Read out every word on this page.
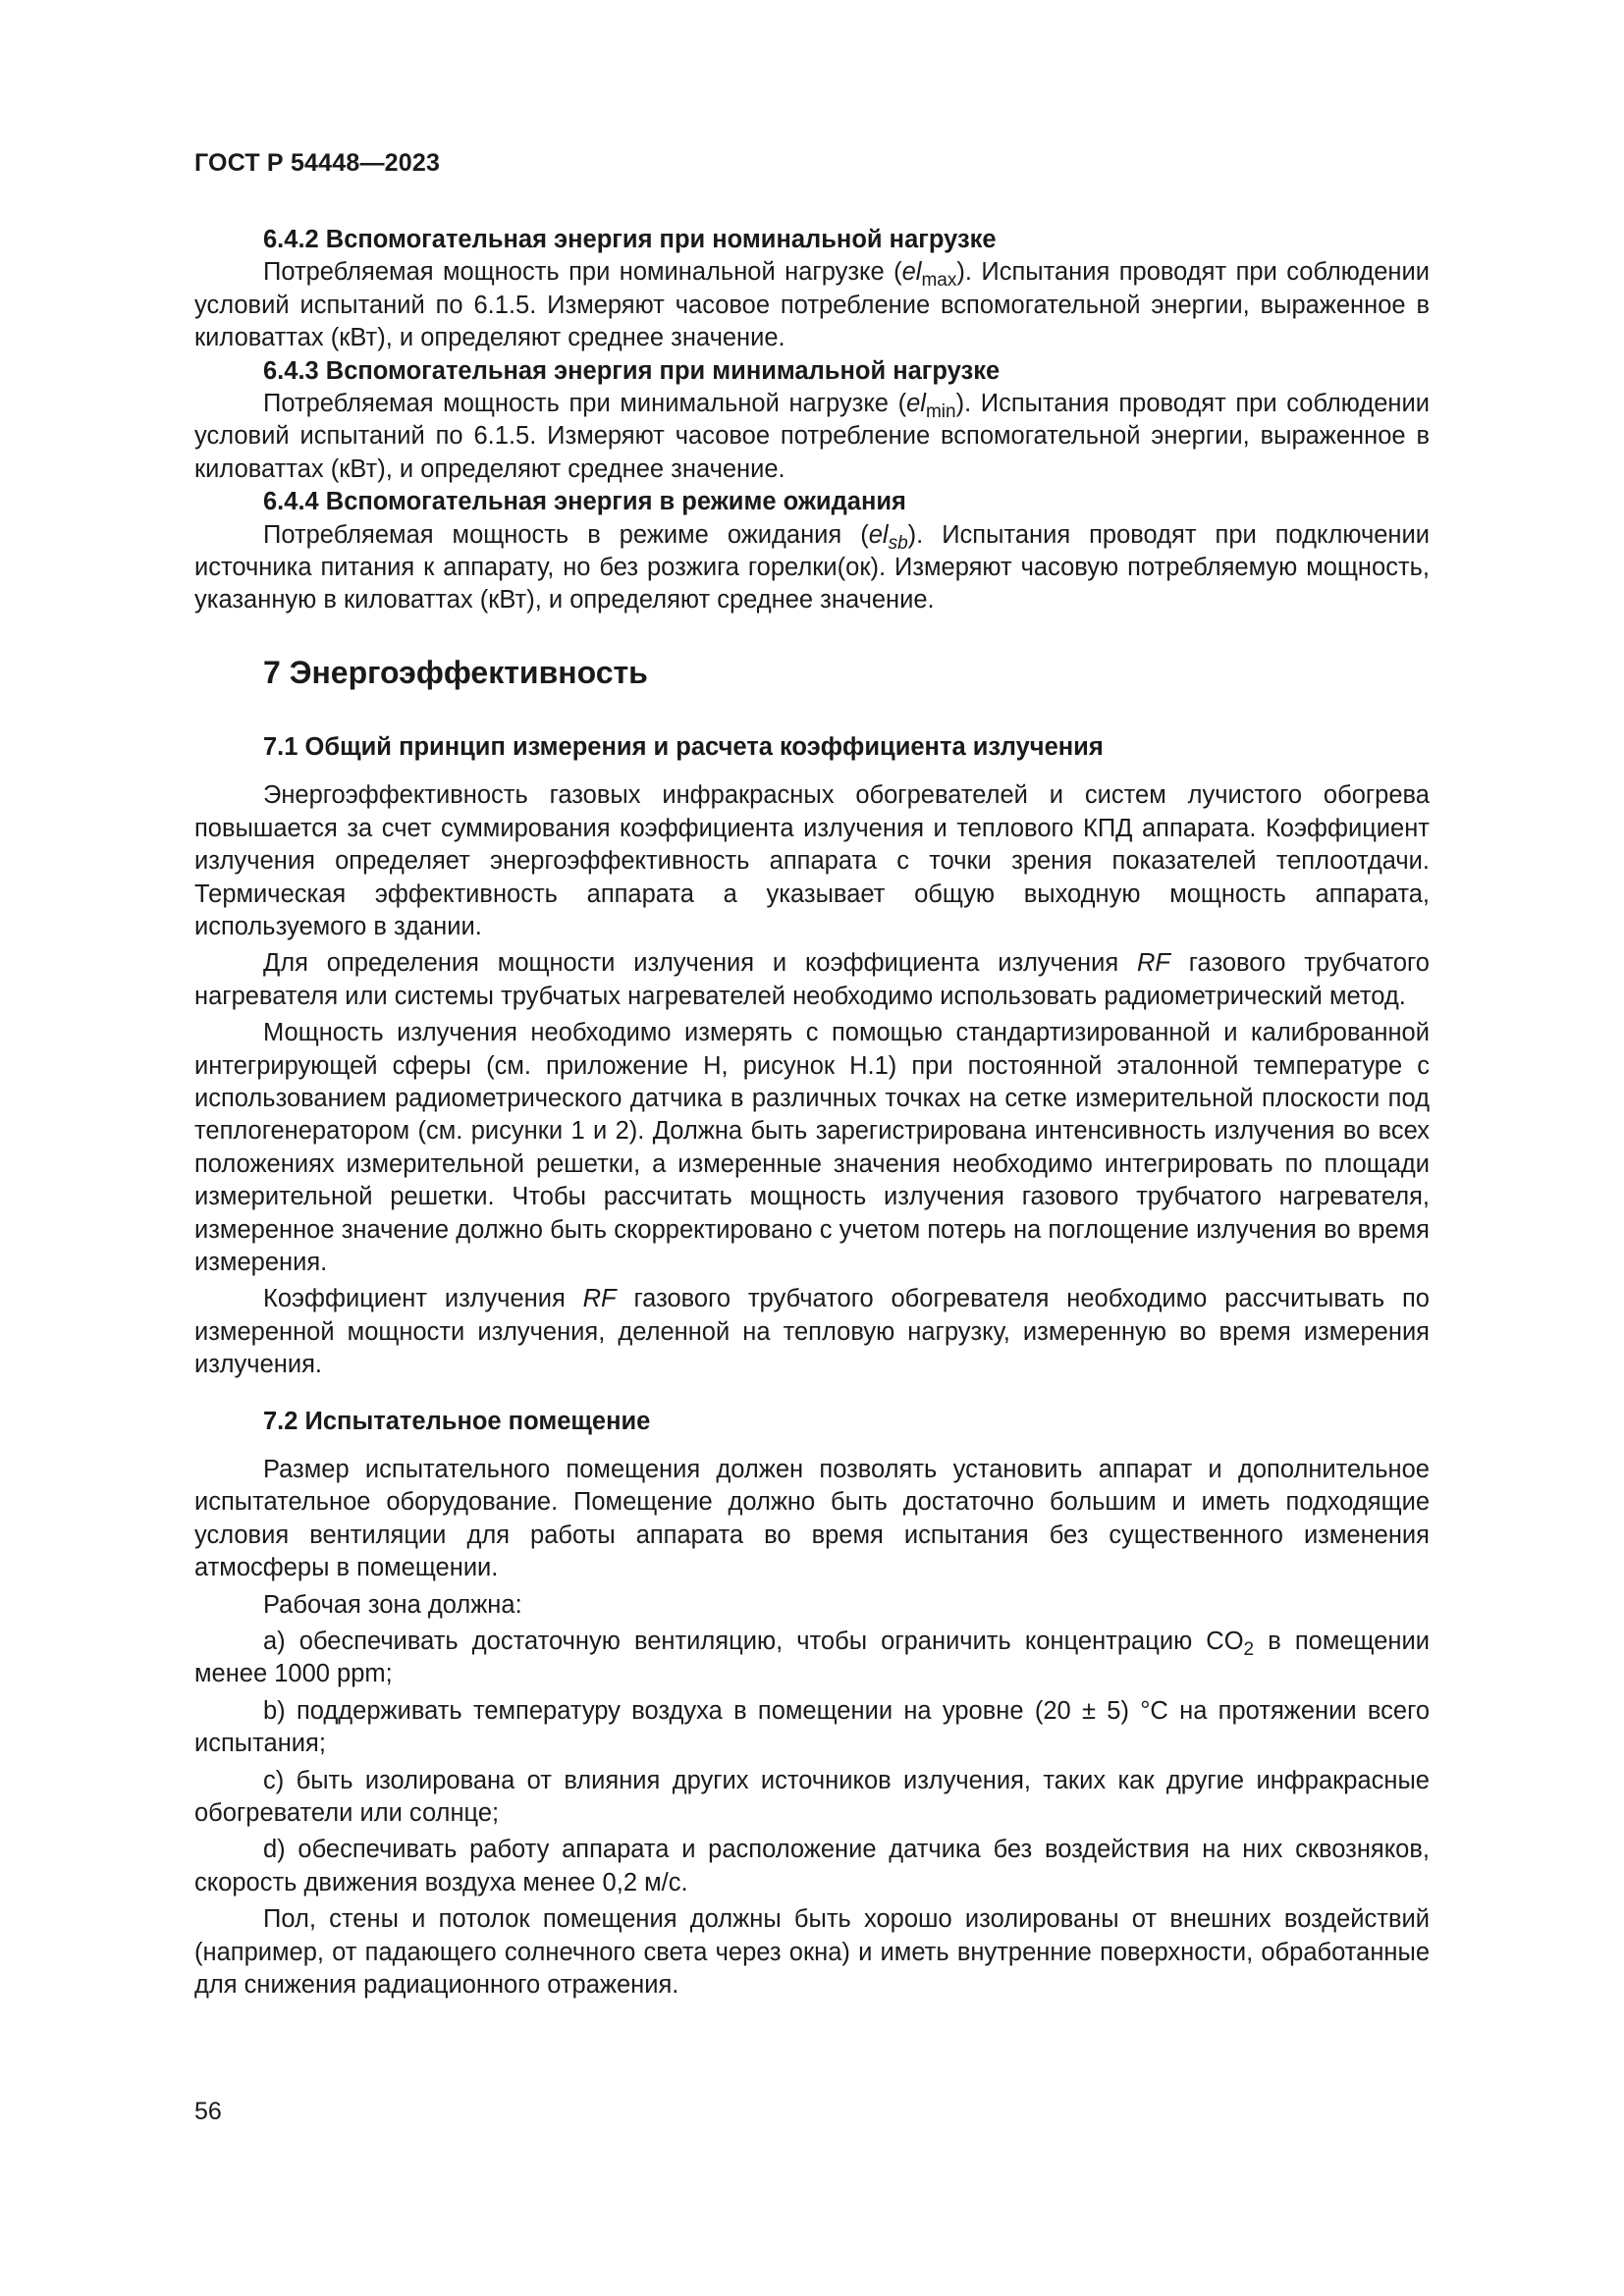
ГОСТ Р 54448—2023

6.4.2 Вспомогательная энергия при номинальной нагрузке

Потребляемая мощность при номинальной нагрузке $(el_{max})$. Испытания проводят при соблюдении условий испытаний по 6.1.5. Измеряют часовое потребление вспомогательной энергии, выраженное в киловаттах (кВт), и определяют среднее значение.

6.4.3 Вспомогательная энергия при минимальной нагрузке

Потребляемая мощность при минимальной нагрузке $(el_{min})$. Испытания проводят при соблюдении условий испытаний по 6.1.5. Измеряют часовое потребление вспомогательной энергии, выраженное в киловаттах (кВт), и определяют среднее значение.

6.4.4 Вспомогательная энергия в режиме ожидания

Потребляемая мощность в режиме ожидания $(el_{sb})$. Испытания проводят при подключении источника питания к аппарату, но без розжига горелки(ок). Измеряют часовую потребляемую мощность, указанную в киловаттах (кВт), и определяют среднее значение.

7 Энергоэффективность

7.1 Общий принцип измерения и расчета коэффициента излучения

Энергоэффективность газовых инфракрасных обогревателей и систем лучистого обогрева повышается за счет суммирования коэффициента излучения и теплового КПД аппарата. Коэффициент излучения определяет энергоэффективность аппарата с точки зрения показателей теплоотдачи. Термическая эффективность аппарата а указывает общую выходную мощность аппарата, используемого в здании.

Для определения мощности излучения и коэффициента излучения RF газового трубчатого нагревателя или системы трубчатых нагревателей необходимо использовать радиометрический метод.

Мощность излучения необходимо измерять с помощью стандартизированной и калиброванной интегрирующей сферы (см. приложение Н, рисунок Н.1) при постоянной эталонной температуре с использованием радиометрического датчика в различных точках на сетке измерительной плоскости под теплогенератором (см. рисунки 1 и 2). Должна быть зарегистрирована интенсивность излучения во всех положениях измерительной решетки, а измеренные значения необходимо интегрировать по площади измерительной решетки. Чтобы рассчитать мощность излучения газового трубчатого нагревателя, измеренное значение должно быть скорректировано с учетом потерь на поглощение излучения во время измерения.

Коэффициент излучения RF газового трубчатого обогревателя необходимо рассчитывать по измеренной мощности излучения, деленной на тепловую нагрузку, измеренную во время измерения излучения.

7.2 Испытательное помещение

Размер испытательного помещения должен позволять установить аппарат и дополнительное испытательное оборудование. Помещение должно быть достаточно большим и иметь подходящие условия вентиляции для работы аппарата во время испытания без существенного изменения атмосферы в помещении.

Рабочая зона должна:

a) обеспечивать достаточную вентиляцию, чтобы ограничить концентрацию $CO_2$ в помещении менее 1000 ppm;

b) поддерживать температуру воздуха в помещении на уровне (20 ± 5) °С на протяжении всего испытания;

c) быть изолирована от влияния других источников излучения, таких как другие инфракрасные обогреватели или солнце;

d) обеспечивать работу аппарата и расположение датчика без воздействия на них сквозняков, скорость движения воздуха менее 0,2 м/с.

Пол, стены и потолок помещения должны быть хорошо изолированы от внешних воздействий (например, от падающего солнечного света через окна) и иметь внутренние поверхности, обработанные для снижения радиационного отражения.

56
